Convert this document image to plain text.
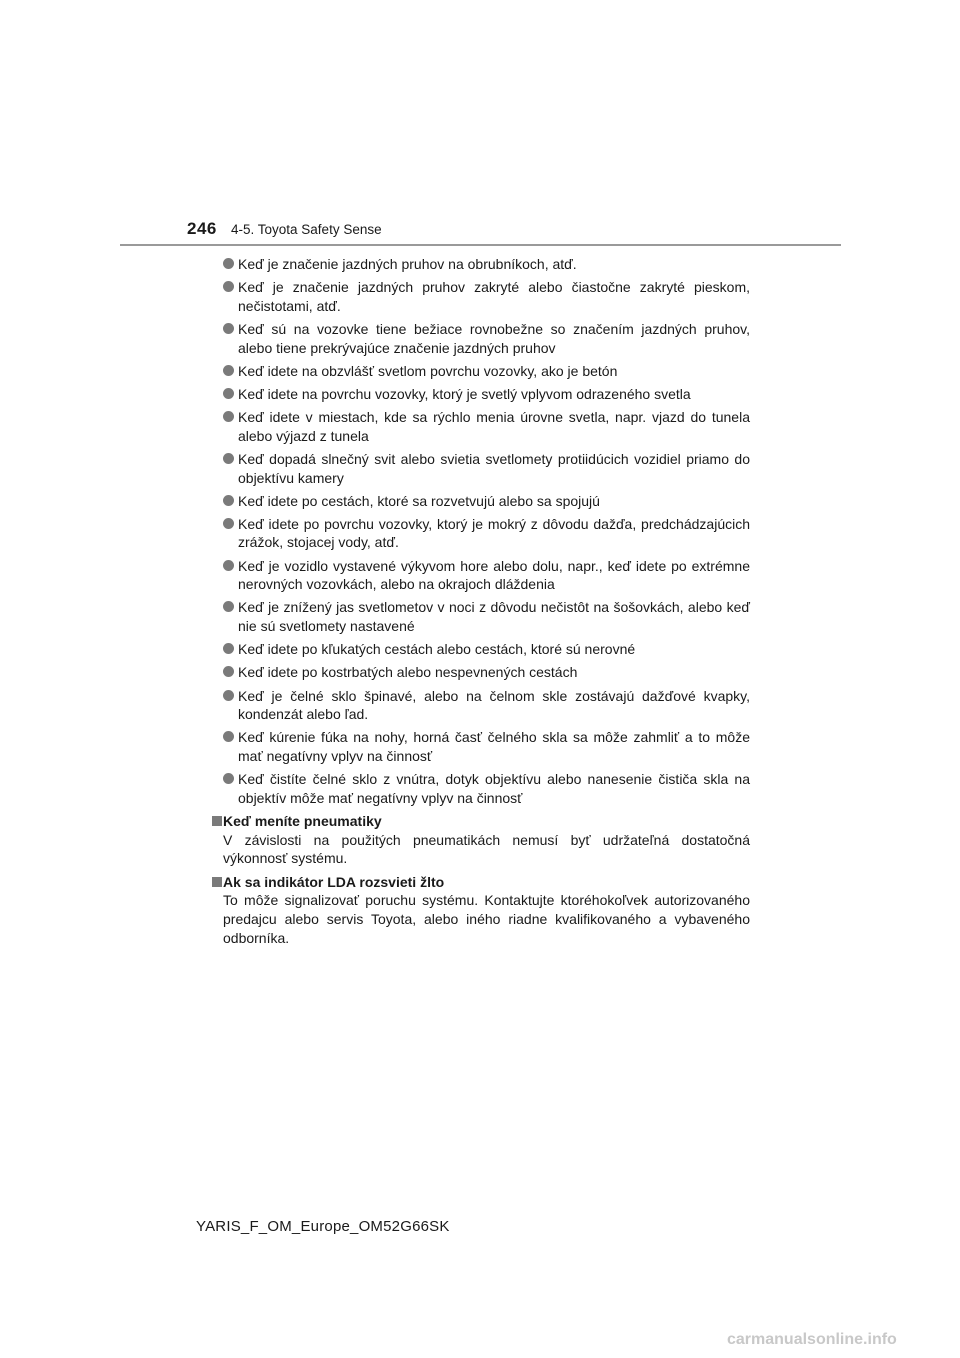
246 4-5. Toyota Safety Sense
Keď je značenie jazdných pruhov na obrubníkoch, atď.
Keď je značenie jazdných pruhov zakryté alebo čiastočne zakryté pieskom, nečistotami, atď.
Keď sú na vozovke tiene bežiace rovnobežne so značením jazdných pruhov, alebo tiene prekrývajúce značenie jazdných pruhov
Keď idete na obzvlášť svetlom povrchu vozovky, ako je betón
Keď idete na povrchu vozovky, ktorý je svetlý vplyvom odrazeného svetla
Keď idete v miestach, kde sa rýchlo menia úrovne svetla, napr. vjazd do tunela alebo výjazd z tunela
Keď dopadá slnečný svit alebo svietia svetlomety protiidúcich vozidiel priamo do objektívu kamery
Keď idete po cestách, ktoré sa rozvetvujú alebo sa spojujú
Keď idete po povrchu vozovky, ktorý je mokrý z dôvodu dažďa, predchádzajúcich zrážok, stojacej vody, atď.
Keď je vozidlo vystavené výkyvom hore alebo dolu, napr., keď idete po extrémne nerovných vozovkách, alebo na okrajoch dláždenia
Keď je znížený jas svetlometov v noci z dôvodu nečistôt na šošovkách, alebo keď nie sú svetlomety nastavené
Keď idete po kľukatých cestách alebo cestách, ktoré sú nerovné
Keď idete po kostrbatých alebo nespevnených cestách
Keď je čelné sklo špinavé, alebo na čelnom skle zostávajú dažďové kvapky, kondenzát alebo ľad.
Keď kúrenie fúka na nohy, horná časť čelného skla sa môže zahmliť a to môže mať negatívny vplyv na činnosť
Keď čistíte čelné sklo z vnútra, dotyk objektívu alebo nanesenie čističa skla na objektív môže mať negatívny vplyv na činnosť
Keď meníte pneumatiky
V závislosti na použitých pneumatikách nemusí byť udržateľná dostatočná výkonnosť systému.
Ak sa indikátor LDA rozsvieti žlto
To môže signalizovať poruchu systému. Kontaktujte ktoréhokoľvek autorizovaného predajcu alebo servis Toyota, alebo iného riadne kvalifikovaného a vybaveného odborníka.
YARIS_F_OM_Europe_OM52G66SK
carmanualsonline.info
